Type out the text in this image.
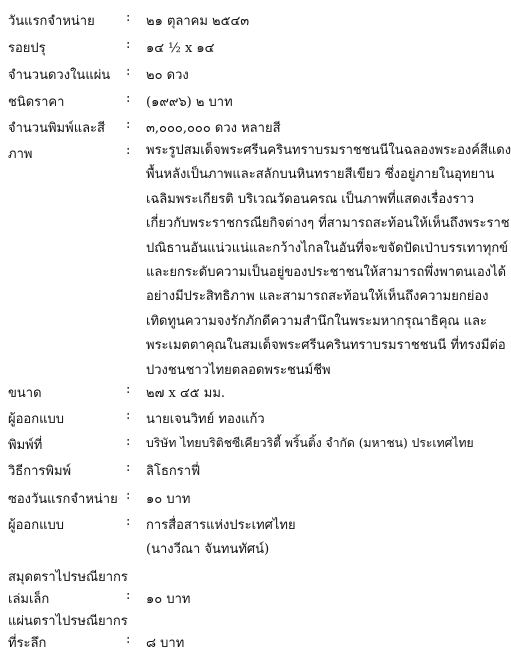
วันแรกจำหน่าย : ๒๑ ตุลาคม ๒๕๔๓
รอยปรุ	: ๑๔ ½ x ๑๔
จำนวนดวงในแผ่น : ๒๐ ดวง
ชนิดราคา	: (๑๙๙๖) ๒ บาท
จำนวนพิมพ์และสี : ๓,๐๐๐,๐๐๐ ดวง หลายสี
ภาพ	: พระรูปสมเด็จพระศรีนครินทราบรมราชชนนีในฉลองพระองค์สีแดง
พื้นหลังเป็นภาพและสลักบนหินทรายสีเขียว ซึ่งอยู่ภายในอุทยาน
เฉลิมพระเกียรติ บริเวณวัดอนครณ เป็นภาพที่แสดงเรื่องราว
เกี่ยวกับพระราชกรณียกิจต่างๆ ที่สามารถสะท้อนให้เห็นถึงพระราช
ปณิธานอันแน่วแน่และกว้างไกลในอันที่จะขจัดปัดเป่าบรรเทาทุกข์
และยกระดับความเป็นอยู่ของประชาชนให้สามารถพึ่งพาตนเองได้
อย่างมีประสิทธิภาพ และสามารถสะท้อนให้เห็นถึงความยกย่อง
เทิดทูนความจงรักภักดีความสำนึกในพระมหากรุณาธิคุณ และ
พระเมตตาคุณในสมเด็จพระศรีนครินทราบรมราชชนนี ที่ทรงมีต่อ
ปวงชนชาวไทยตลอดพระชนม์ชีพ
ขนาด	: ๒๗ x ๔๕ มม.
ผู้ออกแบบ	: นายเจนวิทย์ ทองแก้ว
พิมพ์ที่	: บริษัท ไทยบริติชซีเคียวริตี้ พริ้นติ้ง จำกัด (มหาชน) ประเทศไทย
วิธีการพิมพ์	: ลิโธกราฟี่
ซองวันแรกจำหน่าย : ๑๐ บาท
ผู้ออกแบบ	: การสื่อสารแห่งประเทศไทย
(นางวีณา จันทนทัศน์)
สมุดตราไปรษณียากร
เล่มเล็ก	: ๑๐ บาท
แผ่นตราไปรษณียากร
ที่ระลึก	: ๘ บาท
